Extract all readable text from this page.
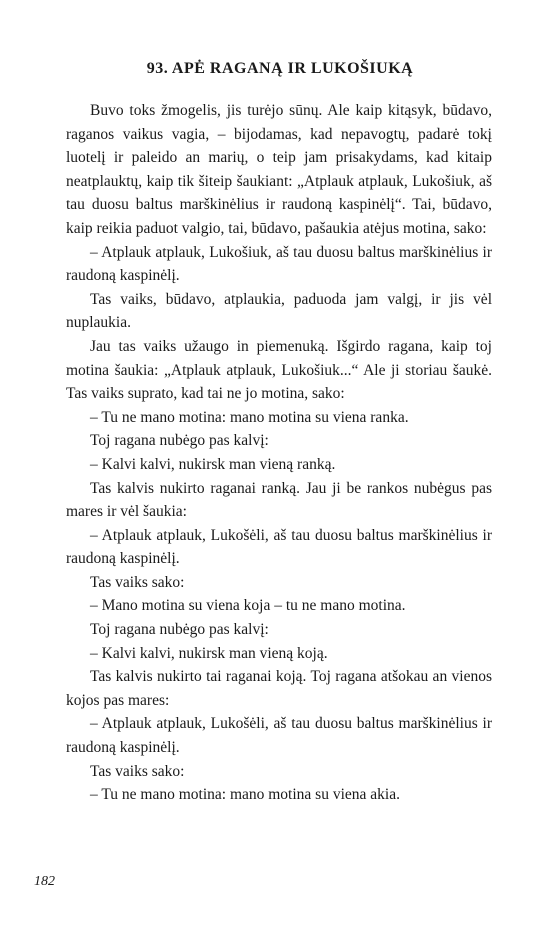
93. APĖ RAGANĄ IR LUKOŠIUKĄ

Buvo toks žmogelis, jis turėjo sūnų. Ale kaip kitąsyk, būdavo, raganos vaikus vagia, – bijodamas, kad nepavogtų, padarė tokį luotelį ir paleido an marių, o teip jam prisakydams, kad kitaip neatplauktų, kaip tik šiteip šaukiant: „Atplauk atplauk, Lukošiuk, aš tau duosu baltus marškinėlius ir raudoną kaspinėlį“. Tai, būdavo, kaip reikia paduot valgio, tai, būdavo, pašaukia atėjus motina, sako:

– Atplauk atplauk, Lukošiuk, aš tau duosu baltus marškinėlius ir raudoną kaspinėlį.

Tas vaiks, būdavo, atplaukia, paduoda jam valgį, ir jis vėl nuplaukia.

Jau tas vaiks užaugo in piemenuką. Išgirdo ragana, kaip toj motina šaukia: „Atplauk atplauk, Lukošiuk...“ Ale ji storiau šaukė. Tas vaiks suprato, kad tai ne jo motina, sako:

– Tu ne mano motina: mano motina su viena ranka.

Toj ragana nubėgo pas kalvį:

– Kalvi kalvi, nukirsk man vieną ranką.

Tas kalvis nukirto raganai ranką. Jau ji be rankos nubėgus pas mares ir vėl šaukia:

– Atplauk atplauk, Lukošėli, aš tau duosu baltus marškinėlius ir raudoną kaspinėlį.

Tas vaiks sako:

– Mano motina su viena koja – tu ne mano motina.

Toj ragana nubėgo pas kalvį:

– Kalvi kalvi, nukirsk man vieną koją.

Tas kalvis nukirto tai raganai koją. Toj ragana atšokau an vienos kojos pas mares:

– Atplauk atplauk, Lukošėli, aš tau duosu baltus marškinėlius ir raudoną kaspinėlį.

Tas vaiks sako:

– Tu ne mano motina: mano motina su viena akia.

182
